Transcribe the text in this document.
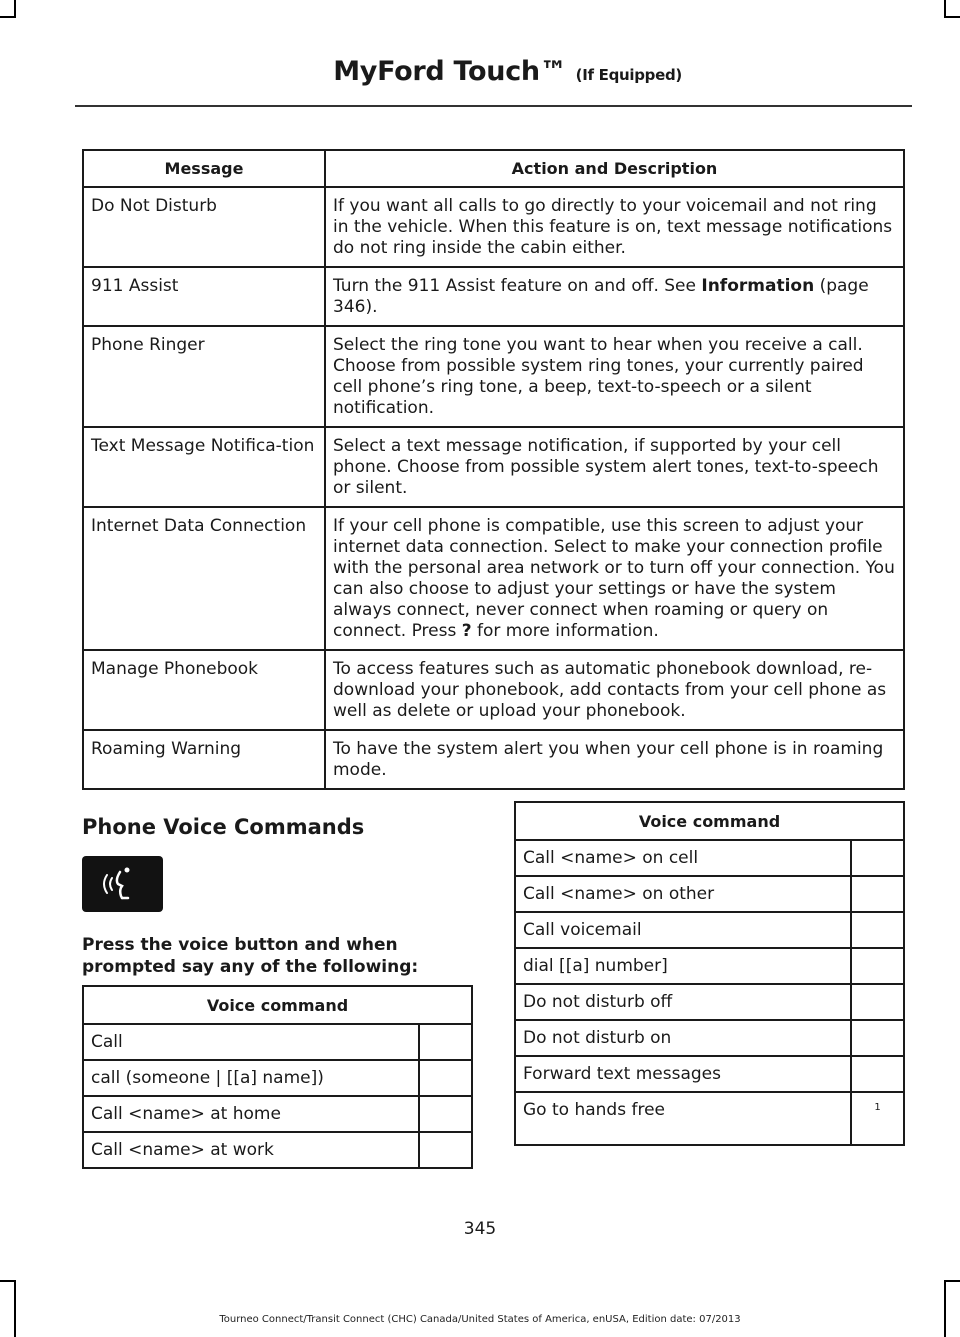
MyFord Touch™ (If Equipped)
Message	Action and Description
Do Not Disturb	If you want all calls to go directly to your voicemail and not ring in the vehicle. When this feature is on, text message notifications do not ring inside the cabin either.
911 Assist	Turn the 911 Assist feature on and off. See Information (page 346).
Phone Ringer	Select the ring tone you want to hear when you receive a call. Choose from possible system ring tones, your currently paired cell phone’s ring tone, a beep, text-to-speech or a silent notification.
Text Message Notifica-tion	Select a text message notification, if supported by your cell phone. Choose from possible system alert tones, text-to-speech or silent.
Internet Data Connection	If your cell phone is compatible, use this screen to adjust your internet data connection. Select to make your connection profile with the personal area network or to turn off your connection. You can also choose to adjust your settings or have the system always connect, never connect when roaming or query on connect. Press ? for more information.
Manage Phonebook	To access features such as automatic phonebook download, re-download your phonebook, add contacts from your cell phone as well as delete or upload your phonebook.
Roaming Warning	To have the system alert you when your cell phone is in roaming mode.
Phone Voice Commands

Press the voice button and when prompted say any of the following:

Voice command	
Call	
call (someone | [[a] name])	
Call <name> at home	
Call <name> at work	
Voice command	
Call <name> on cell	
Call <name> on other	
Call voicemail	
dial [[a] number]	
Do not disturb off	
Do not disturb on	
Forward text messages	
Go to hands free	1
345
Tourneo Connect/Transit Connect (CHC) Canada/United States of America, enUSA, Edition date: 07/2013
